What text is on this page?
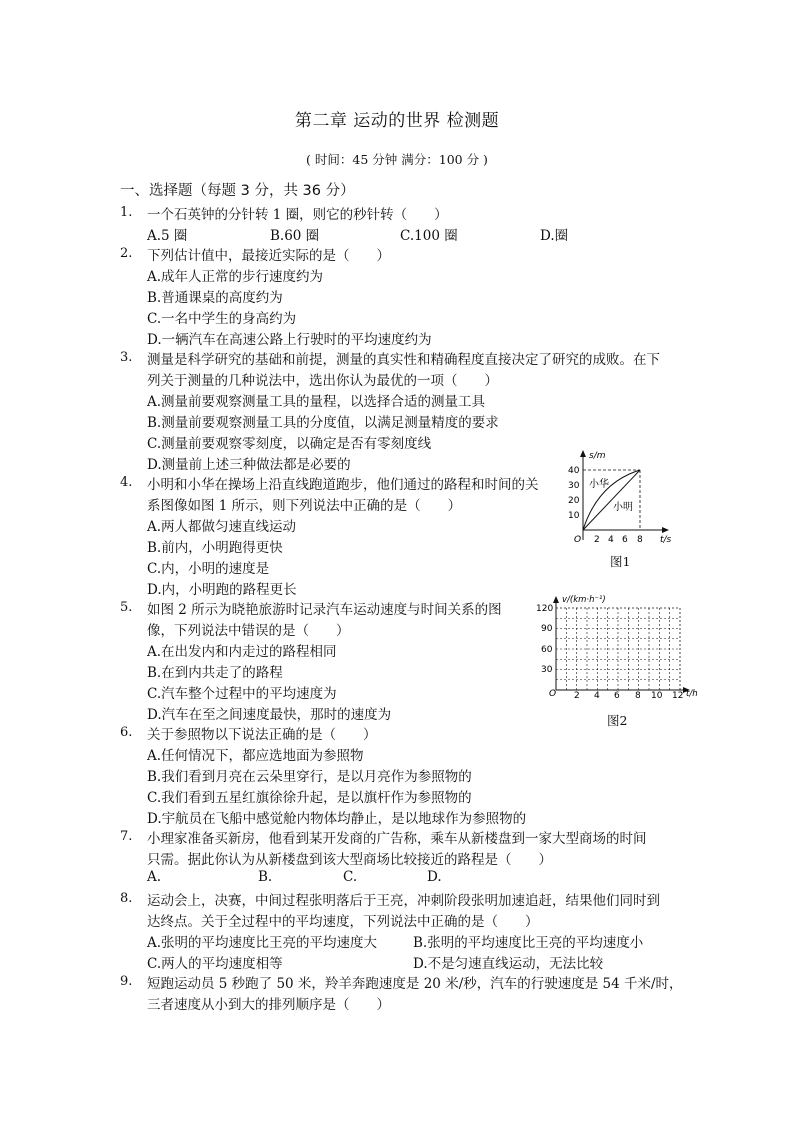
第二章 运动的世界 检测题
( 时间：45 分钟 满分：100 分 )
一、选择题（每题 3 分，共 36 分）
1. 一个石英钟的分针转 1 圈，则它的秒针转（　　）
A.5 圈	B.60 圈	C.100 圈	D.圈
2. 下列估计值中，最接近实际的是（　　）
A.成年人正常的步行速度约为
B.普通课桌的高度约为
C.一名中学生的身高约为
D.一辆汽车在高速公路上行驶时的平均速度约为
3. 测量是科学研究的基础和前提，测量的真实性和精确程度直接决定了研究的成败。在下
列关于测量的几种说法中，选出你认为最优的一项（　　）
A.测量前要观察测量工具的量程，以选择合适的测量工具
B.测量前要观察测量工具的分度值，以满足测量精度的要求
C.测量前要观察零刻度，以确定是否有零刻度线
D.测量前上述三种做法都是必要的
4. 小明和小华在操场上沿直线跑道跑步，他们通过的路程和时间的关
系图像如图 1 所示，则下列说法中正确的是（　　）
A.两人都做匀速直线运动
B.前内，小明跑得更快
C.内，小明的速度是
D.内，小明跑的路程更长
s/m
t/s
O
10
20
30
40
2 4 6 8
小华
小明
图1
5. 如图 2 所示为晓艳旅游时记录汽车运动速度与时间关系的图
像，下列说法中错误的是（　　）
A.在出发内和内走过的路程相同
B.在到内共走了的路程
C.汽车整个过程中的平均速度为
D.汽车在至之间速度最快，那时的速度为
v/(km·h⁻¹)
t/h
O
30
60
90
120
2 4 6 8 10 12
图2
6. 关于参照物以下说法正确的是（　　）
A.任何情况下，都应选地面为参照物
B.我们看到月亮在云朵里穿行，是以月亮作为参照物的
C.我们看到五星红旗徐徐升起，是以旗杆作为参照物的
D.宇航员在飞船中感觉舱内物体均静止，是以地球作为参照物的
7. 小理家准备买新房，他看到某开发商的广告称，乘车从新楼盘到一家大型商场的时间
只需。据此你认为从新楼盘到该大型商场比较接近的路程是（　　）
A.	B.	C.	D.
8. 运动会上，决赛，中间过程张明落后于王亮，冲刺阶段张明加速追赶，结果他们同时到
达终点。关于全过程中的平均速度，下列说法中正确的是（　　）
A.张明的平均速度比王亮的平均速度大	B.张明的平均速度比王亮的平均速度小
C.两人的平均速度相等	D.不是匀速直线运动，无法比较
9. 短跑运动员 5 秒跑了 50 米，羚羊奔跑速度是 20 米/秒，汽车的行驶速度是 54 千米/时，
三者速度从小到大的排列顺序是（　　）
